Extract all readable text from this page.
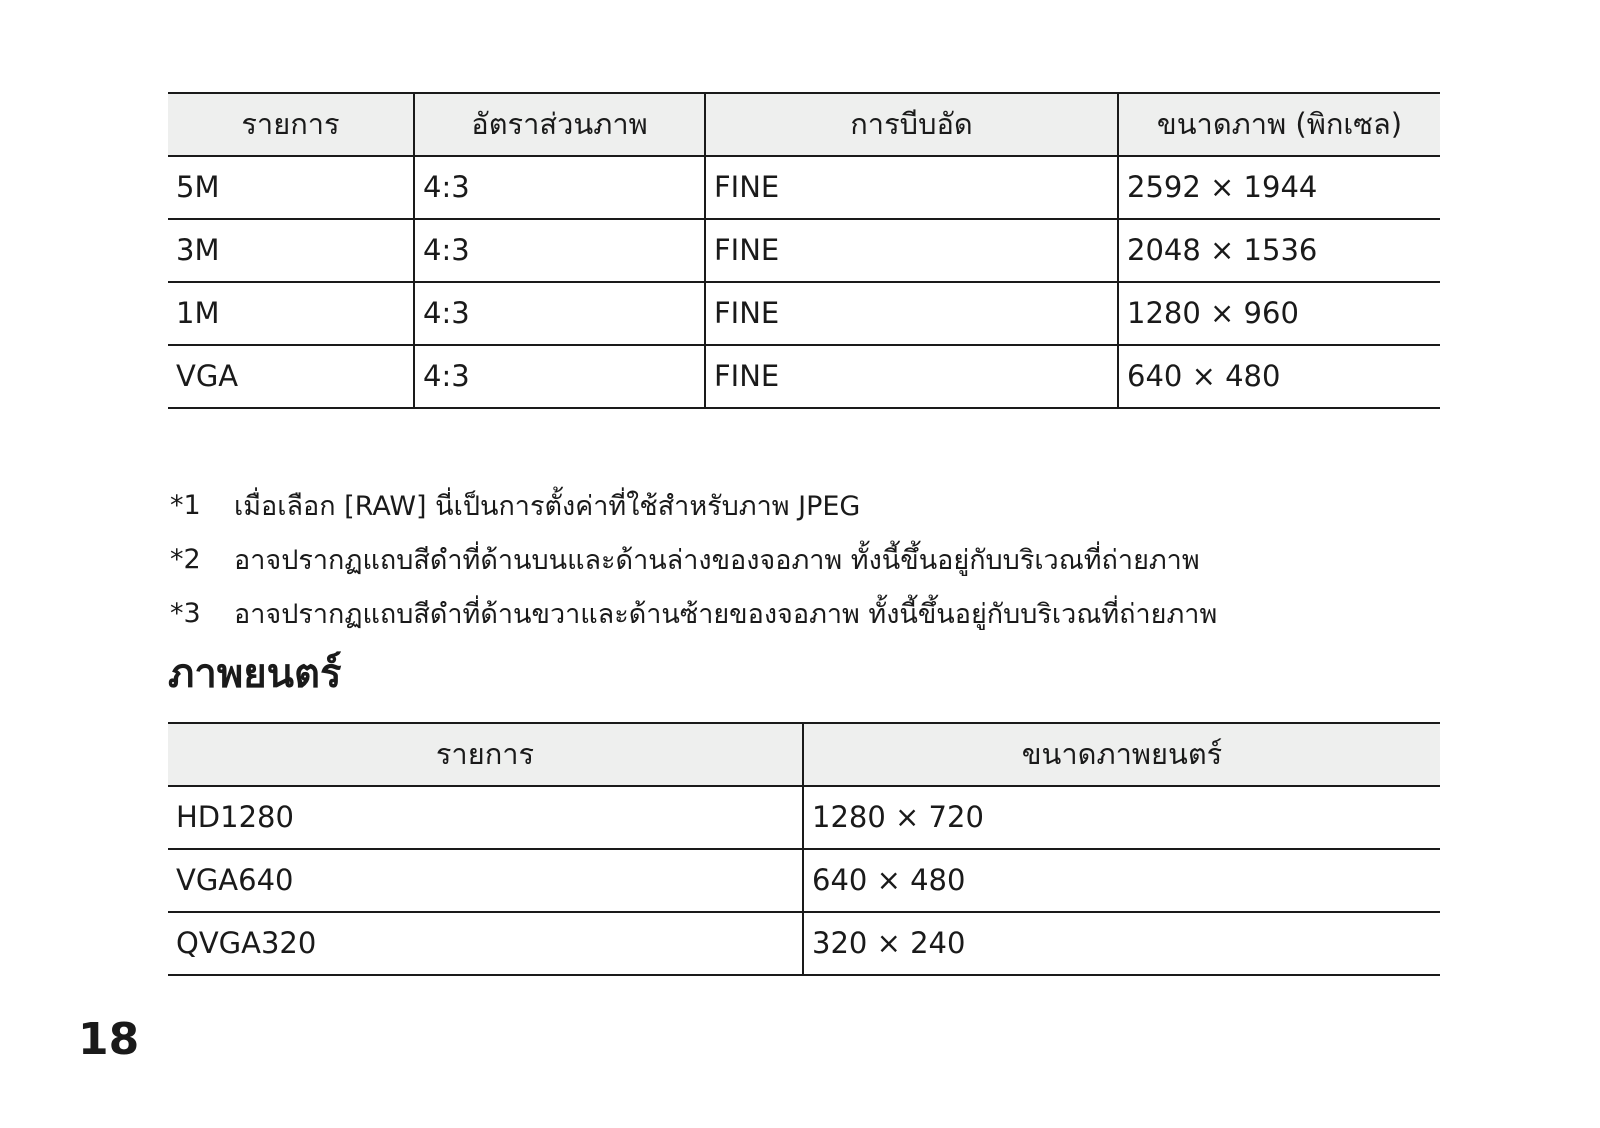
รายการ	อัตราส่วนภาพ	การบีบอัด	ขนาดภาพ (พิกเซล)
5M	4:3	FINE	2592 × 1944
3M	4:3	FINE	2048 × 1536
1M	4:3	FINE	1280 × 960
VGA	4:3	FINE	640 × 480
*1	เมื่อเลือก [RAW] นี่เป็นการตั้งค่าที่ใช้สำหรับภาพ JPEG
*2	อาจปรากฏแถบสีดำที่ด้านบนและด้านล่างของจอภาพ ทั้งนี้ขึ้นอยู่กับบริเวณที่ถ่ายภาพ
*3	อาจปรากฏแถบสีดำที่ด้านขวาและด้านซ้ายของจอภาพ ทั้งนี้ขึ้นอยู่กับบริเวณที่ถ่ายภาพ
ภาพยนตร์
รายการ	ขนาดภาพยนตร์
HD1280	1280 × 720
VGA640	640 × 480
QVGA320	320 × 240
18
